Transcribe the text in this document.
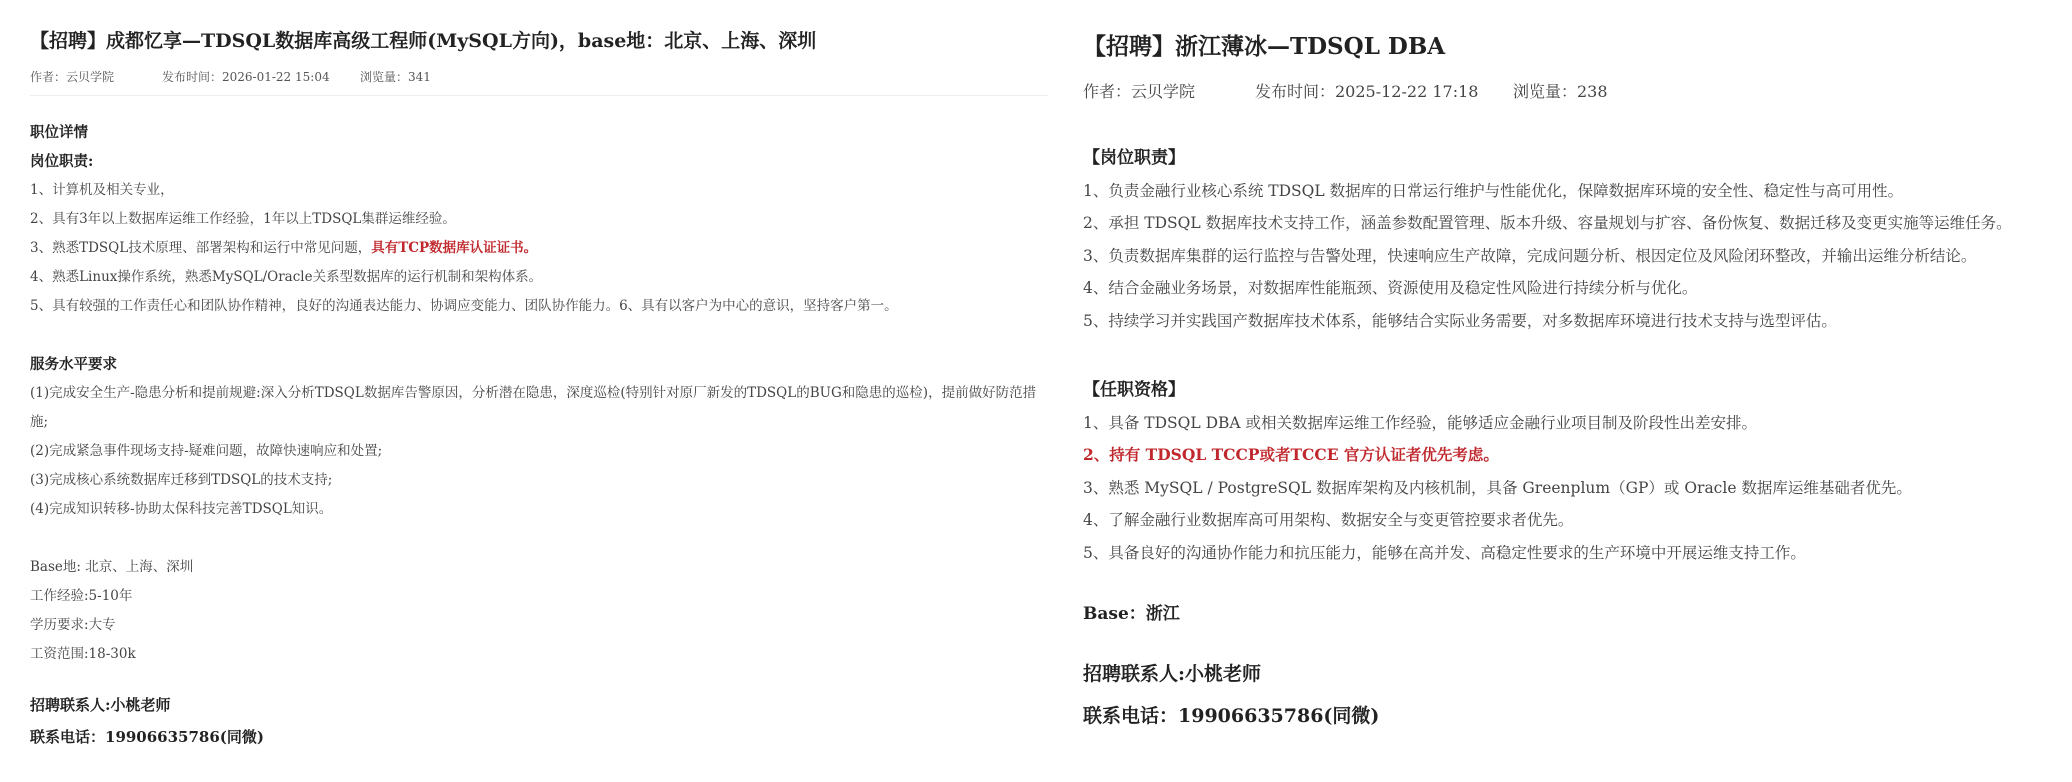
【招聘】成都忆享—TDSQL数据库高级工程师(MySQL方向)，base地：北京、上海、深圳
作者：云贝学院	发布时间：2026-01-22 15:04	浏览量：341
职位详情
岗位职责:
1、计算机及相关专业，
2、具有3年以上数据库运维工作经验，1年以上TDSQL集群运维经验。
3、熟悉TDSQL技术原理、部署架构和运行中常见问题，具有TCP数据库认证证书。
4、熟悉Linux操作系统，熟悉MySQL/Oracle关系型数据库的运行机制和架构体系。
5、具有较强的工作责任心和团队协作精神，良好的沟通表达能力、协调应变能力、团队协作能力。6、具有以客户为中心的意识，坚持客户第一。
服务水平要求
(1)完成安全生产-隐患分析和提前规避:深入分析TDSQL数据库告警原因，分析潜在隐患，深度巡检(特别针对原厂新发的TDSQL的BUG和隐患的巡检)，提前做好防范措施;
(2)完成紧急事件现场支持-疑难问题，故障快速响应和处置;
(3)完成核心系统数据库迁移到TDSQL的技术支持;
(4)完成知识转移-协助太保科技完善TDSQL知识。
Base地: 北京、上海、深圳
工作经验:5-10年
学历要求:大专
工资范围:18-30k
招聘联系人:小桃老师
联系电话：19906635786(同微)
【招聘】浙江薄冰—TDSQL DBA
作者：云贝学院	发布时间：2025-12-22 17:18 浏览量：238
【岗位职责】
1、负责金融行业核心系统 TDSQL 数据库的日常运行维护与性能优化，保障数据库环境的安全性、稳定性与高可用性。
2、承担 TDSQL 数据库技术支持工作，涵盖参数配置管理、版本升级、容量规划与扩容、备份恢复、数据迁移及变更实施等运维任务。
3、负责数据库集群的运行监控与告警处理，快速响应生产故障，完成问题分析、根因定位及风险闭环整改，并输出运维分析结论。
4、结合金融业务场景，对数据库性能瓶颈、资源使用及稳定性风险进行持续分析与优化。
5、持续学习并实践国产数据库技术体系，能够结合实际业务需要，对多数据库环境进行技术支持与选型评估。
【任职资格】
1、具备 TDSQL DBA 或相关数据库运维工作经验，能够适应金融行业项目制及阶段性出差安排。
2、持有 TDSQL TCCP或者TCCE 官方认证者优先考虑。
3、熟悉 MySQL / PostgreSQL 数据库架构及内核机制，具备 Greenplum（GP）或 Oracle 数据库运维基础者优先。
4、了解金融行业数据库高可用架构、数据安全与变更管控要求者优先。
5、具备良好的沟通协作能力和抗压能力，能够在高并发、高稳定性要求的生产环境中开展运维支持工作。
Base：浙江
招聘联系人:小桃老师
联系电话：19906635786(同微)
